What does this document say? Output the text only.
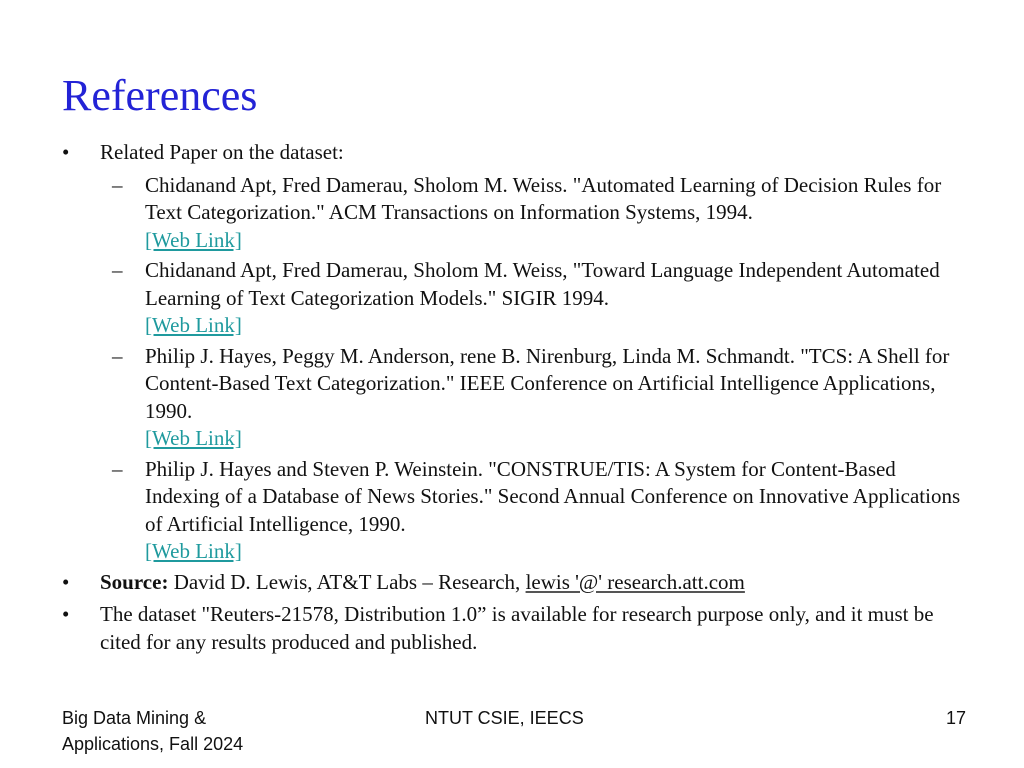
References
•	Related Paper on the dataset:
– Chidanand Apt, Fred Damerau, Sholom M. Weiss. "Automated Learning of Decision Rules for Text Categorization." ACM Transactions on Information Systems, 1994.
[Web Link]
– Chidanand Apt, Fred Damerau, Sholom M. Weiss, "Toward Language Independent Automated Learning of Text Categorization Models." SIGIR 1994.
[Web Link]
– Philip J. Hayes, Peggy M. Anderson, rene B. Nirenburg, Linda M. Schmandt. "TCS: A Shell for Content-Based Text Categorization." IEEE Conference on Artificial Intelligence Applications, 1990.
[Web Link]
– Philip J. Hayes and Steven P. Weinstein. "CONSTRUE/TIS: A System for Content-Based Indexing of a Database of News Stories." Second Annual Conference on Innovative Applications of Artificial Intelligence, 1990.
[Web Link]
•	Source: David D. Lewis, AT&T Labs – Research, lewis '@' research.att.com
•	The dataset "Reuters-21578, Distribution 1.0” is available for research purpose only, and it must be cited for any results produced and published.
Big Data Mining & Applications, Fall 2024
NTUT CSIE, IEECS	17
